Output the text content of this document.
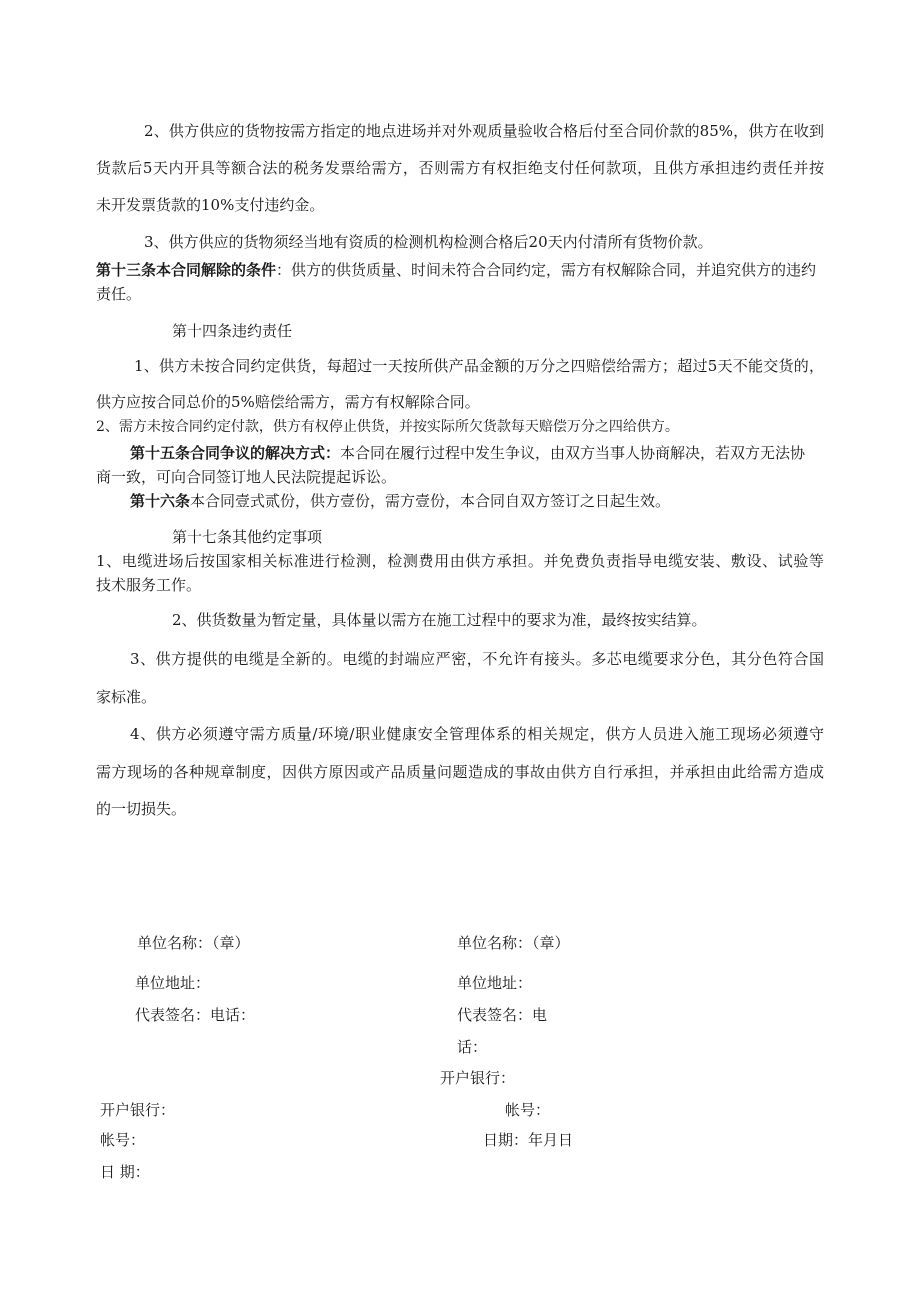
2、供方供应的货物按需方指定的地点进场并对外观质量验收合格后付至合同价款的85%，供方在收到
货款后5天内开具等额合法的税务发票给需方，否则需方有权拒绝支付任何款项，且供方承担违约责任并按
未开发票货款的10%支付违约金。
3、供方供应的货物须经当地有资质的检测机构检测合格后20天内付清所有货物价款。
第十三条本合同解除的条件：供方的供货质量、时间未符合合同约定，需方有权解除合同，并追究供方的违约
责任。
第十四条违约责任
1、供方未按合同约定供货，每超过一天按所供产品金额的万分之四赔偿给需方；超过5天不能交货的，
供方应按合同总价的5%赔偿给需方，需方有权解除合同。
2、需方未按合同约定付款，供方有权停止供货，并按实际所欠货款每天赔偿万分之四给供方。
第十五条合同争议的解决方式：本合同在履行过程中发生争议，由双方当事人协商解决，若双方无法协
商一致，可向合同签订地人民法院提起诉讼。
第十六条本合同壹式贰份，供方壹份，需方壹份，本合同自双方签订之日起生效。
第十七条其他约定事项
1、电缆进场后按国家相关标准进行检测，检测费用由供方承担。并免费负责指导电缆安装、敷设、试验等
技术服务工作。
2、供货数量为暂定量，具体量以需方在施工过程中的要求为准，最终按实结算。
3、供方提供的电缆是全新的。电缆的封端应严密，不允许有接头。多芯电缆要求分色，其分色符合国
家标准。
4、供方必须遵守需方质量/环境/职业健康安全管理体系的相关规定，供方人员进入施工现场必须遵守
需方现场的各种规章制度，因供方原因或产品质量问题造成的事故由供方自行承担，并承担由此给需方造成
的一切损失。
单位名称：（章）
单位地址：
代表签名：电话：
开户银行：
帐号：
日 期：
单位名称：（章）
单位地址：
代表签名：电
话：
开户银行：
帐号：
日期：年月日
